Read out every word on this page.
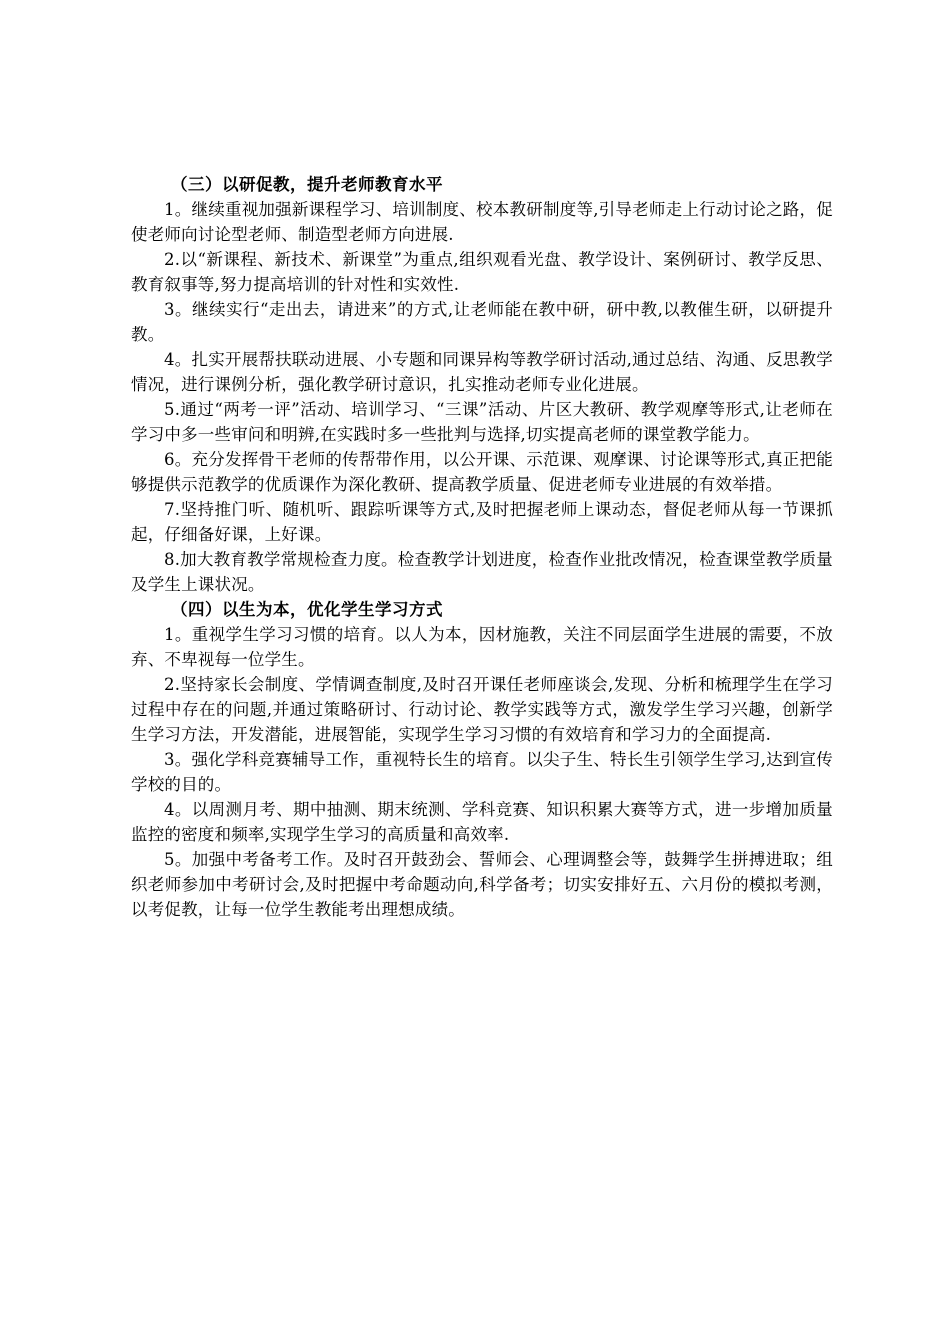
（三）以研促教，提升老师教育水平

1。继续重视加强新课程学习、培训制度、校本教研制度等,引导老师走上行动讨论之路，促使老师向讨论型老师、制造型老师方向进展.

2.以“新课程、新技术、新课堂”为重点,组织观看光盘、教学设计、案例研讨、教学反思、教育叙事等,努力提高培训的针对性和实效性.

3。继续实行“走出去，请进来”的方式,让老师能在教中研，研中教,以教催生研，以研提升教。

4。扎实开展帮扶联动进展、小专题和同课异构等教学研讨活动,通过总结、沟通、反思教学情况，进行课例分析，强化教学研讨意识，扎实推动老师专业化进展。

5.通过“两考一评”活动、培训学习、“三课”活动、片区大教研、教学观摩等形式,让老师在学习中多一些审问和明辨,在实践时多一些批判与选择,切实提高老师的课堂教学能力。

6。充分发挥骨干老师的传帮带作用，以公开课、示范课、观摩课、讨论课等形式,真正把能够提供示范教学的优质课作为深化教研、提高教学质量、促进老师专业进展的有效举措。

7.坚持推门听、随机听、跟踪听课等方式,及时把握老师上课动态，督促老师从每一节课抓起，仔细备好课，上好课。

8.加大教育教学常规检查力度。检查教学计划进度，检查作业批改情况，检查课堂教学质量及学生上课状况。

（四）以生为本，优化学生学习方式

1。重视学生学习习惯的培育。以人为本，因材施教，关注不同层面学生进展的需要，不放弃、不卑视每一位学生。

2.坚持家长会制度、学情调查制度,及时召开课任老师座谈会,发现、分析和梳理学生在学习过程中存在的问题,并通过策略研讨、行动讨论、教学实践等方式，激发学生学习兴趣，创新学生学习方法，开发潜能，进展智能，实现学生学习习惯的有效培育和学习力的全面提高.

3。强化学科竞赛辅导工作，重视特长生的培育。以尖子生、特长生引领学生学习,达到宣传学校的目的。

4。以周测月考、期中抽测、期末统测、学科竞赛、知识积累大赛等方式，进一步增加质量监控的密度和频率,实现学生学习的高质量和高效率.

5。加强中考备考工作。及时召开鼓劲会、誓师会、心理调整会等，鼓舞学生拼搏进取；组织老师参加中考研讨会,及时把握中考命题动向,科学备考；切实安排好五、六月份的模拟考测，以考促教，让每一位学生教能考出理想成绩。
